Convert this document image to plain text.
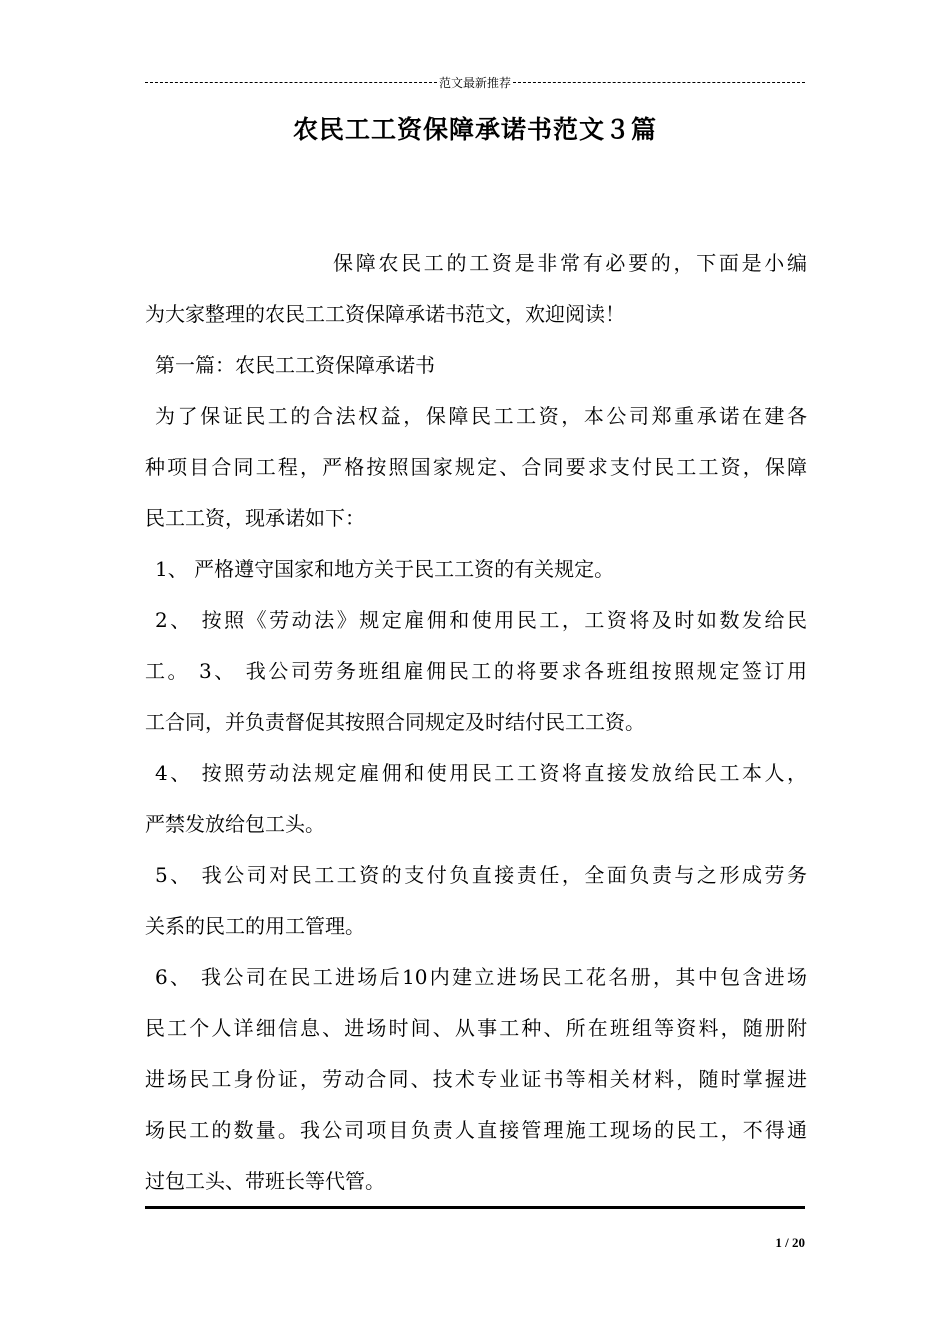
范文最新推荐
农民工工资保障承诺书范文３篇
保障农民工的工资是非常有必要的，下面是小编
为大家整理的农民工工资保障承诺书范文，欢迎阅读！
第一篇：农民工工资保障承诺书
为了保证民工的合法权益，保障民工工资，本公司郑重承诺在建各
种项目合同工程，严格按照国家规定、合同要求支付民工工资，保障
民工工资，现承诺如下：
1、 严格遵守国家和地方关于民工工资的有关规定。
2、 按照《劳动法》规定雇佣和使用民工，工资将及时如数发给民
工。 3、 我公司劳务班组雇佣民工的将要求各班组按照规定签订用
工合同，并负责督促其按照合同规定及时结付民工工资。
4、 按照劳动法规定雇佣和使用民工工资将直接发放给民工本人，
严禁发放给包工头。
5、 我公司对民工工资的支付负直接责任，全面负责与之形成劳务
关系的民工的用工管理。
6、 我公司在民工进场后10内建立进场民工花名册，其中包含进场
民工个人详细信息、进场时间、从事工种、所在班组等资料，随册附
进场民工身份证，劳动合同、技术专业证书等相关材料，随时掌握进
场民工的数量。我公司项目负责人直接管理施工现场的民工，不得通
过包工头、带班长等代管。
1 / 20
